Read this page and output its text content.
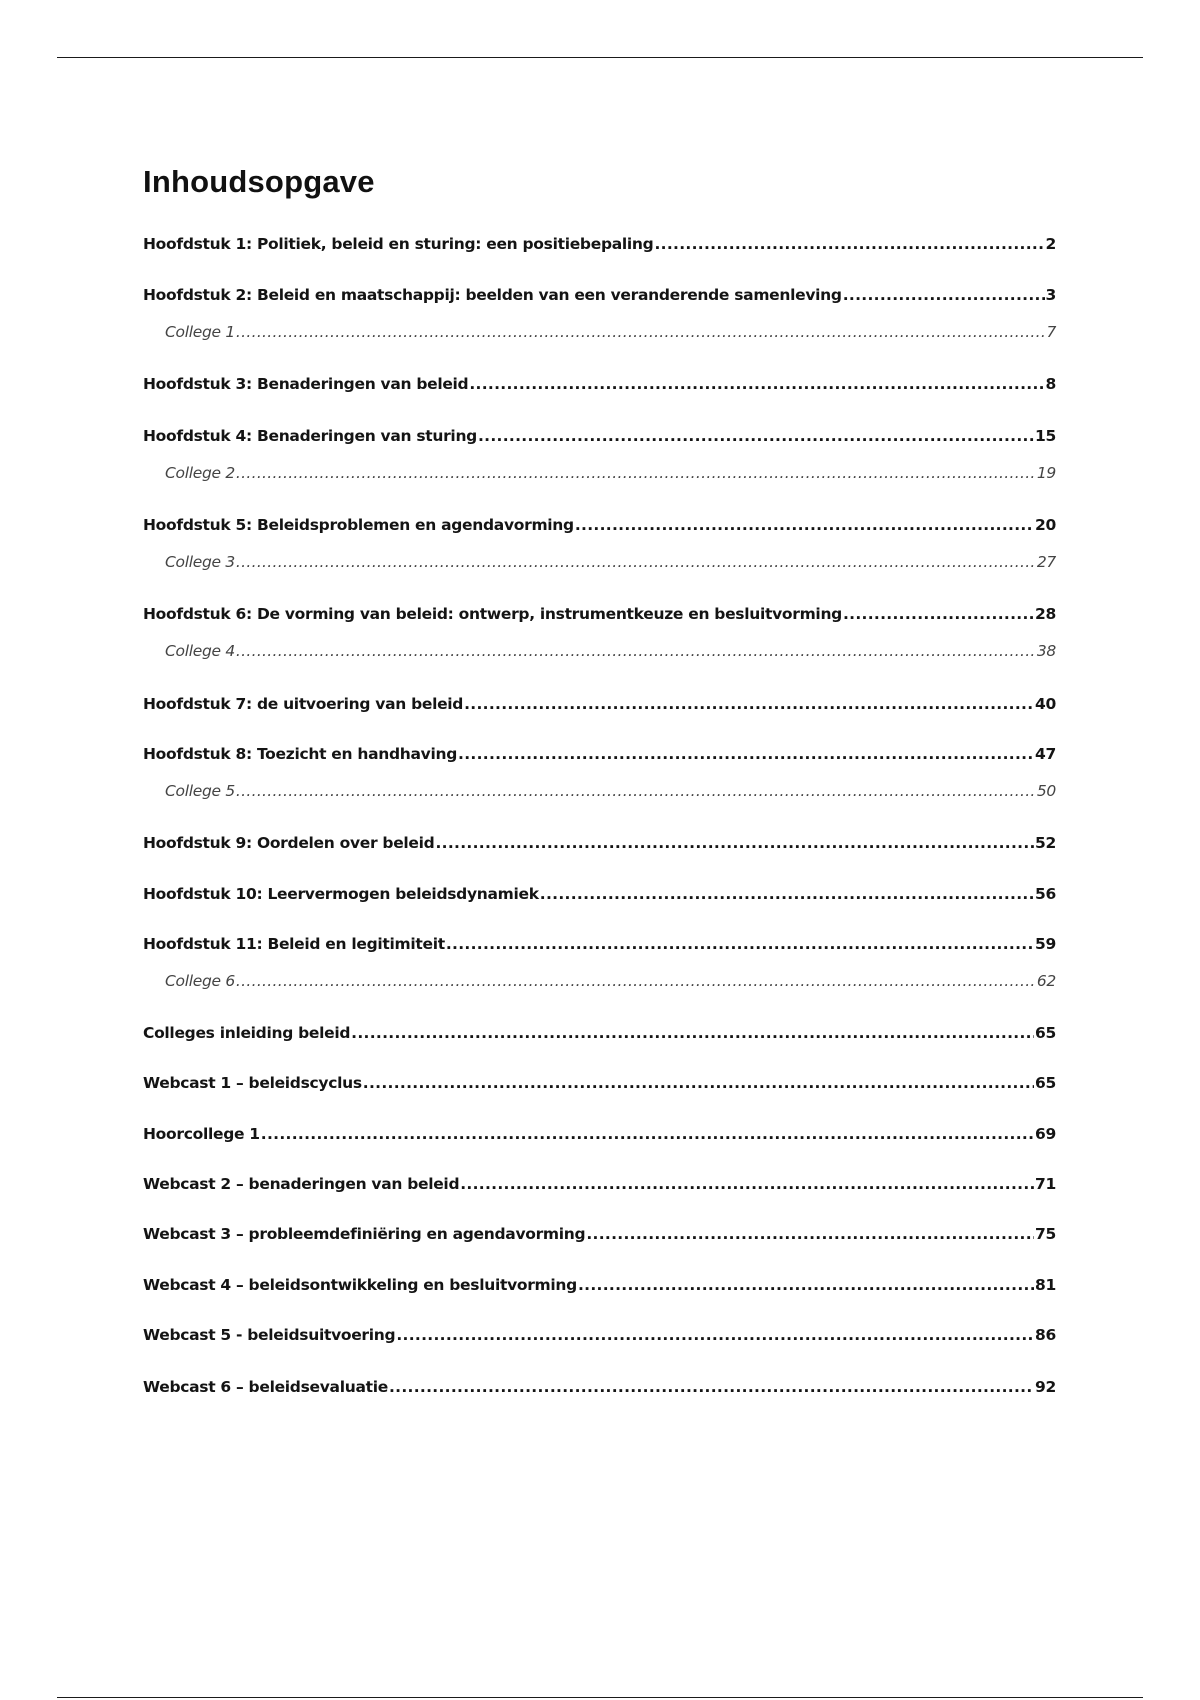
Inhoudsopgave
Hoofdstuk 1: Politiek, beleid en sturing: een positiebepaling .....	2
Hoofdstuk 2: Beleid en maatschappij: beelden van een veranderende samenleving .....	3
College 1 .....	7
Hoofdstuk 3: Benaderingen van beleid .....	8
Hoofdstuk 4: Benaderingen van sturing .....	15
College 2 .....	19
Hoofdstuk 5: Beleidsproblemen en agendavorming .....	20
College 3 .....	27
Hoofdstuk 6: De vorming van beleid: ontwerp, instrumentkeuze en besluitvorming .....	28
College 4 .....	38
Hoofdstuk 7: de uitvoering van beleid .....	40
Hoofdstuk 8: Toezicht en handhaving .....	47
College 5 .....	50
Hoofdstuk 9: Oordelen over beleid .....	52
Hoofdstuk 10: Leervermogen beleidsdynamiek .....	56
Hoofdstuk 11: Beleid en legitimiteit .....	59
College 6 .....	62
Colleges inleiding beleid .....	65
Webcast 1 – beleidscyclus .....	65
Hoorcollege 1 .....	69
Webcast 2 – benaderingen van beleid .....	71
Webcast 3 – probleemdefiniëring en agendavorming .....	75
Webcast 4 – beleidsontwikkeling en besluitvorming .....	81
Webcast 5 - beleidsuitvoering .....	86
Webcast 6 – beleidsevaluatie .....	92
